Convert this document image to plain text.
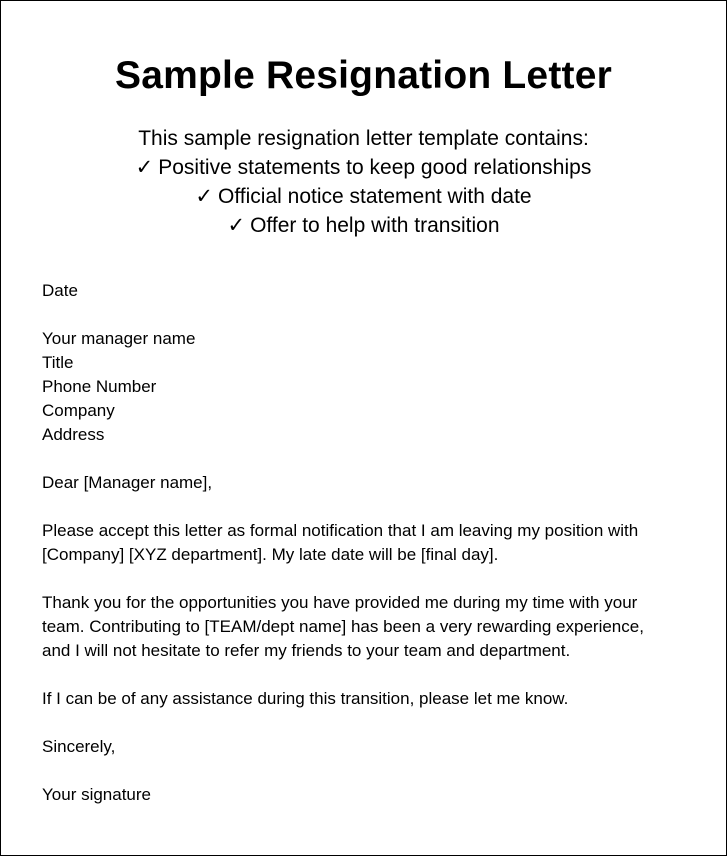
Sample Resignation Letter
This sample resignation letter template contains:
✓ Positive statements to keep good relationships
✓ Official notice statement with date
✓ Offer to help with transition
Date
Your manager name
Title
Phone Number
Company
Address
Dear [Manager name],
Please accept this letter as formal notification that I am leaving my position with
[Company] [XYZ department]. My late date will be [final day].
Thank you for the opportunities you have provided me during my time with your
team. Contributing to [TEAM/dept name] has been a very rewarding experience,
and I will not hesitate to refer my friends to your team and department.
If I can be of any assistance during this transition, please let me know.
Sincerely,
Your signature
